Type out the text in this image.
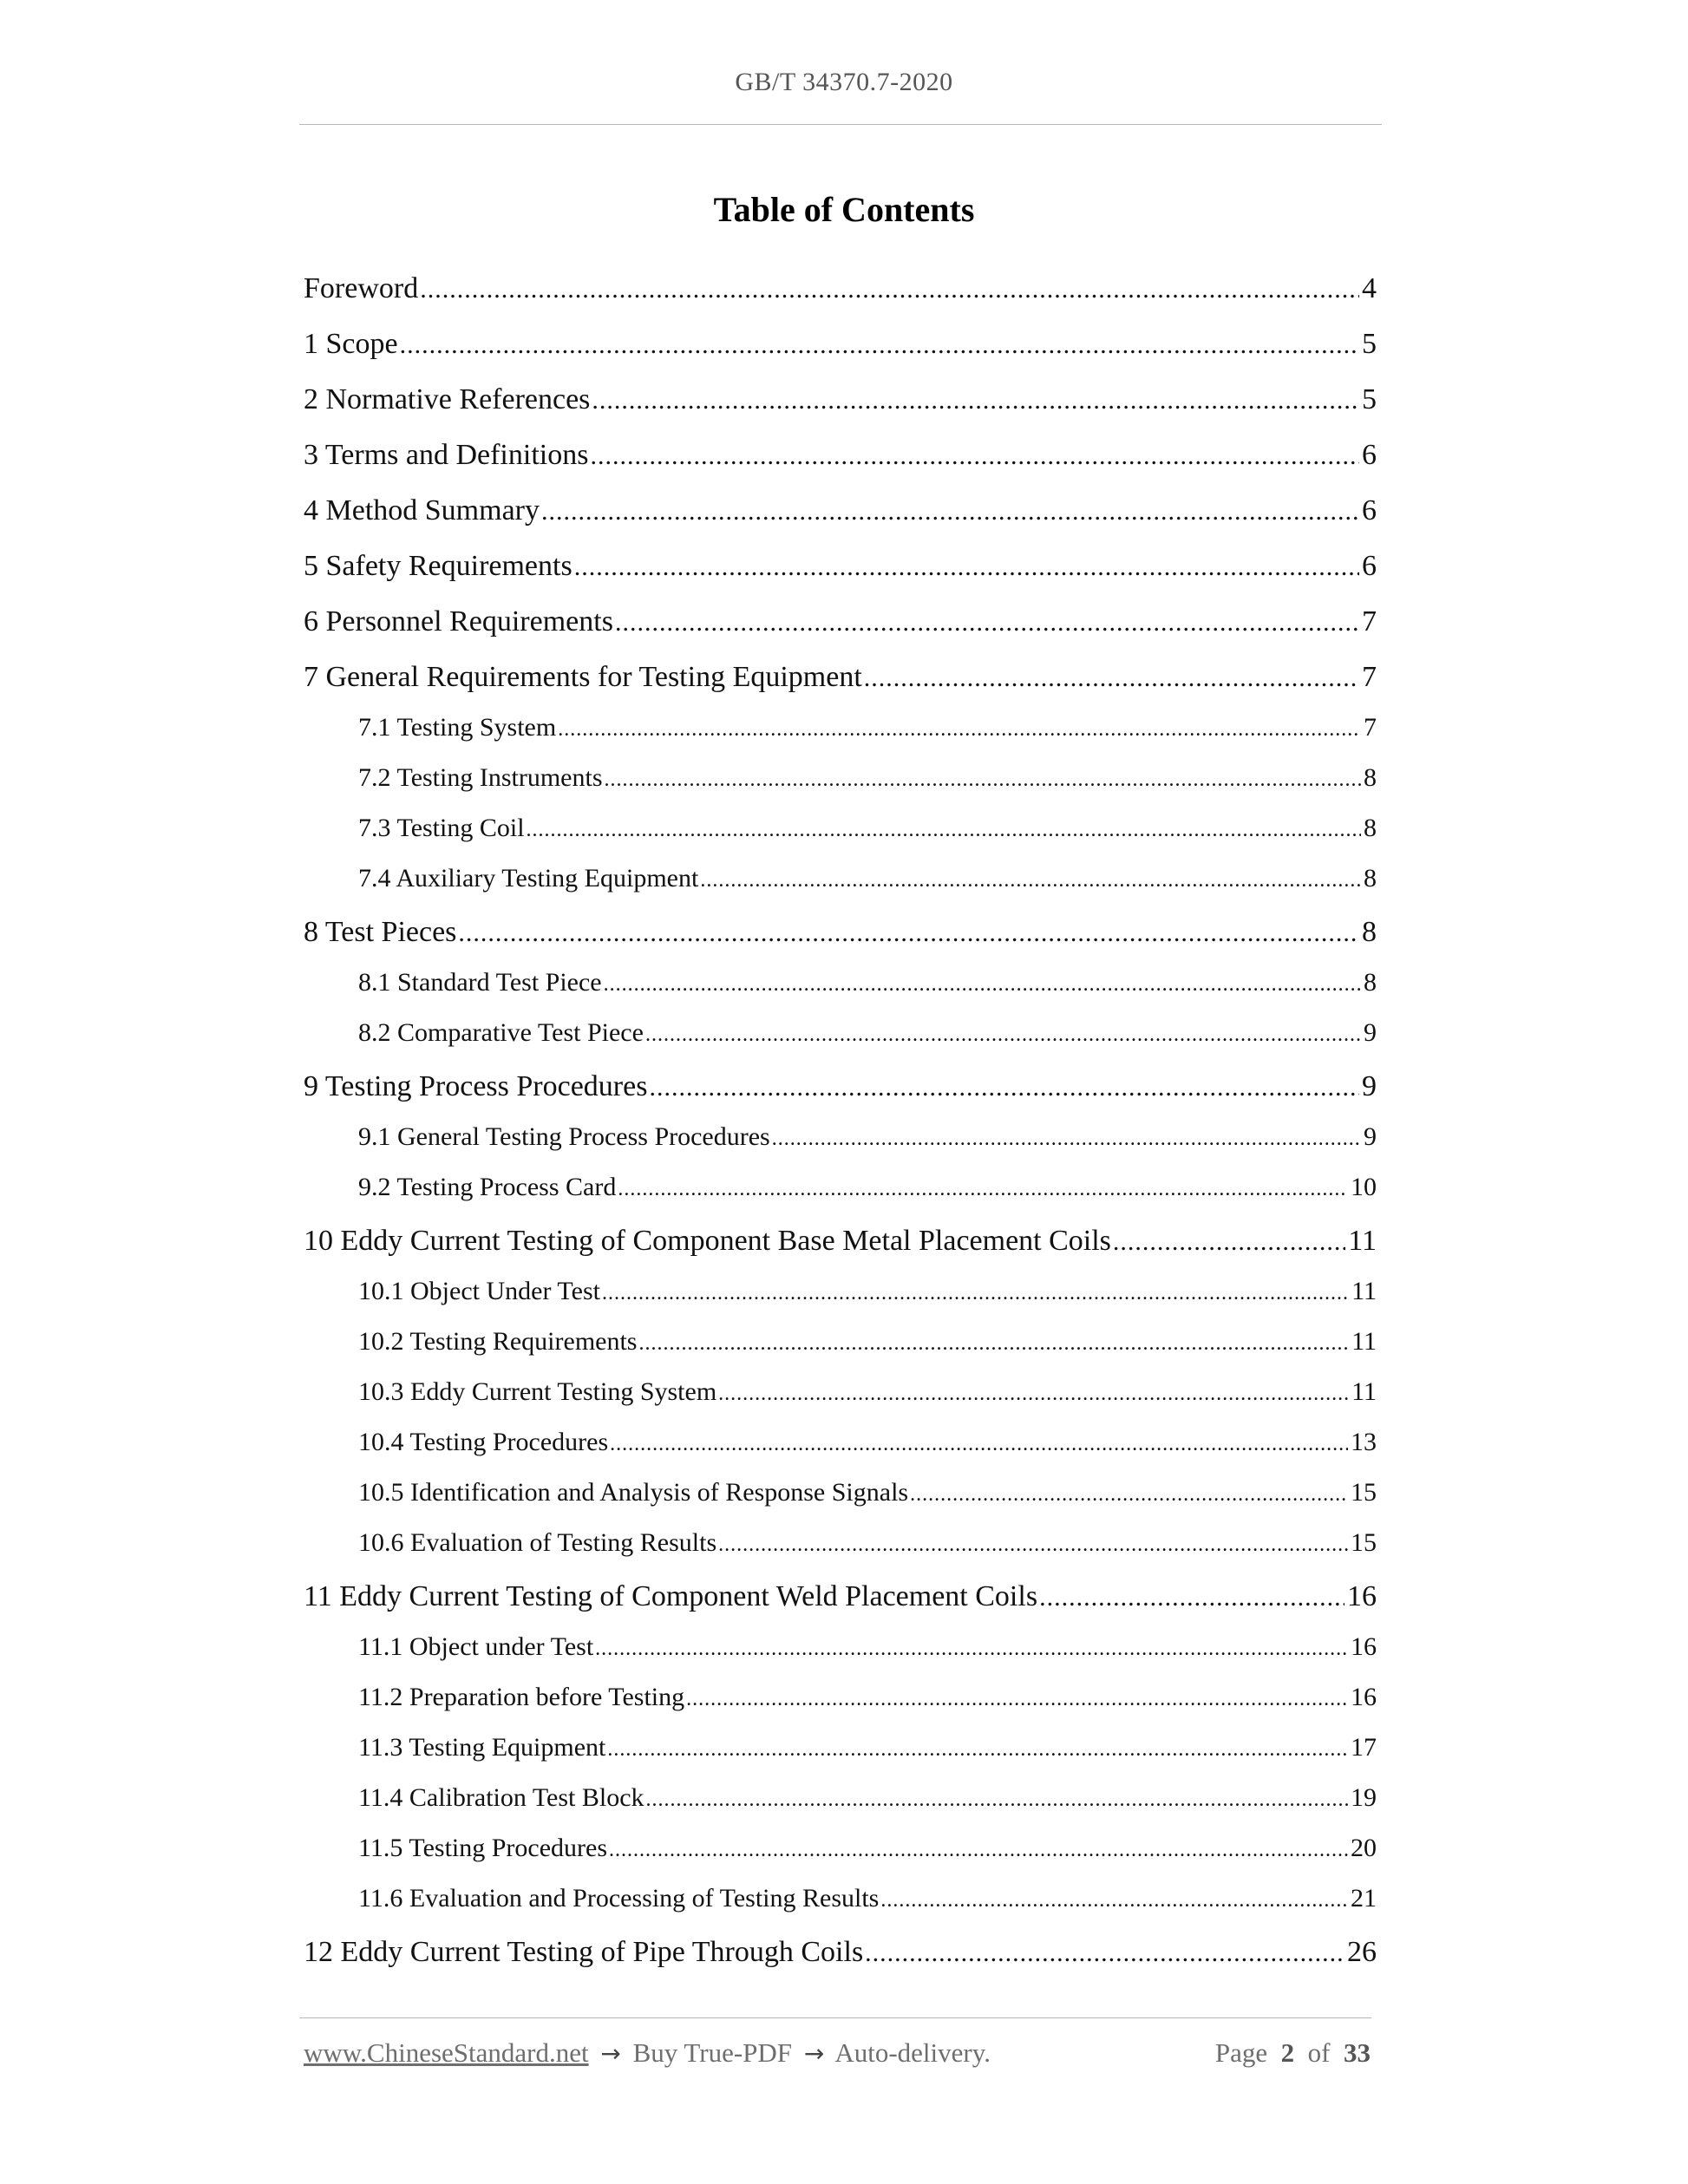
GB/T 34370.7-2020
Table of Contents
Foreword .....	4
1 Scope .....	5
2 Normative References .....	5
3 Terms and Definitions .....	6
4 Method Summary .....	6
5 Safety Requirements .....	6
6 Personnel Requirements .....	7
7 General Requirements for Testing Equipment .....	7
7.1 Testing System .....	7
7.2 Testing Instruments .....	8
7.3 Testing Coil .....	8
7.4 Auxiliary Testing Equipment .....	8
8 Test Pieces .....	8
8.1 Standard Test Piece .....	8
8.2 Comparative Test Piece .....	9
9 Testing Process Procedures .....	9
9.1 General Testing Process Procedures .....	9
9.2 Testing Process Card .....	10
10 Eddy Current Testing of Component Base Metal Placement Coils .....	11
10.1 Object Under Test .....	11
10.2 Testing Requirements .....	11
10.3 Eddy Current Testing System .....	11
10.4 Testing Procedures .....	13
10.5 Identification and Analysis of Response Signals .....	15
10.6 Evaluation of Testing Results .....	15
11 Eddy Current Testing of Component Weld Placement Coils .....	16
11.1 Object under Test .....	16
11.2 Preparation before Testing .....	16
11.3 Testing Equipment .....	17
11.4 Calibration Test Block .....	19
11.5 Testing Procedures .....	20
11.6 Evaluation and Processing of Testing Results .....	21
12 Eddy Current Testing of Pipe Through Coils .....	26
www.ChineseStandard.net → Buy True-PDF → Auto-delivery.	Page 2 of 33
